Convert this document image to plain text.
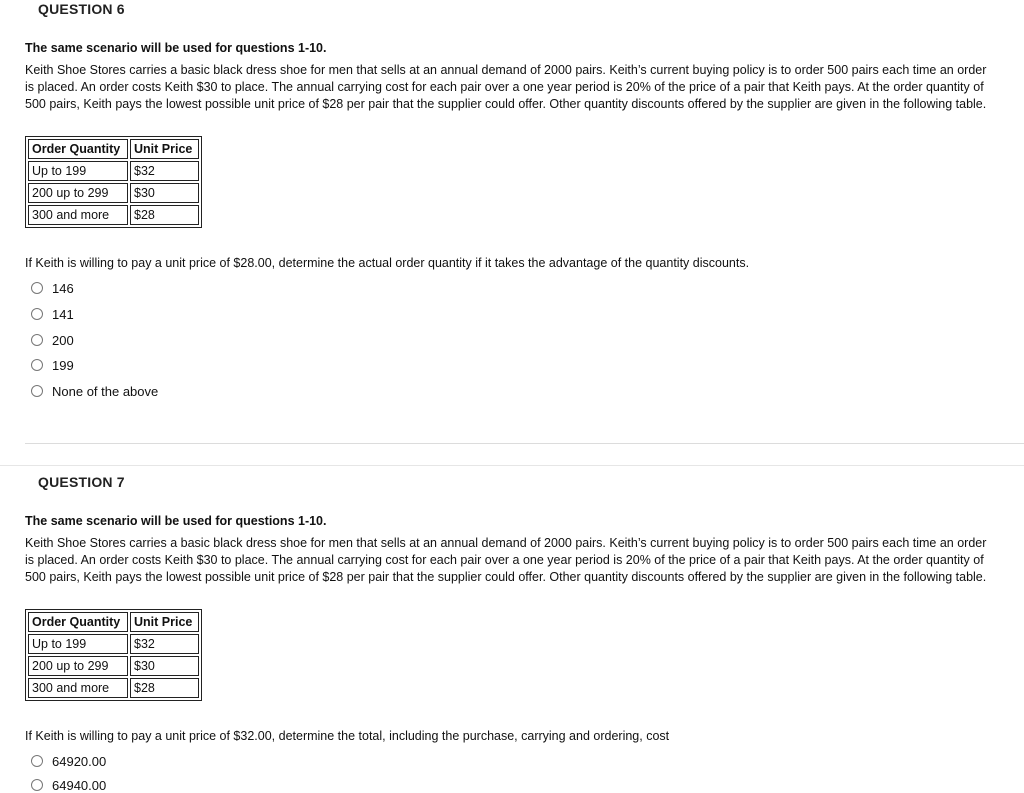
QUESTION 6
The same scenario will be used for questions 1-10.
Keith Shoe Stores carries a basic black dress shoe for men that sells at an annual demand of 2000 pairs. Keith’s current buying policy is to order 500 pairs each time an order is placed. An order costs Keith $30 to place. The annual carrying cost for each pair over a one year period is 20% of the price of a pair that Keith pays. At the order quantity of 500 pairs, Keith pays the lowest possible unit price of $28 per pair that the supplier could offer. Other quantity discounts offered by the supplier are given in the following table.
Order Quantity	Unit Price
Up to 199	$32
200 up to 299	$30
300 and more	$28
If Keith is willing to pay a unit price of $28.00, determine the actual order quantity if it takes the advantage of the quantity discounts.
146
141
200
199
None of the above
QUESTION 7
The same scenario will be used for questions 1-10.
Keith Shoe Stores carries a basic black dress shoe for men that sells at an annual demand of 2000 pairs. Keith’s current buying policy is to order 500 pairs each time an order is placed. An order costs Keith $30 to place. The annual carrying cost for each pair over a one year period is 20% of the price of a pair that Keith pays. At the order quantity of 500 pairs, Keith pays the lowest possible unit price of $28 per pair that the supplier could offer. Other quantity discounts offered by the supplier are given in the following table.
Order Quantity	Unit Price
Up to 199	$32
200 up to 299	$30
300 and more	$28
If Keith is willing to pay a unit price of $32.00, determine the total, including the purchase, carrying and ordering, cost
64920.00
64940.00
